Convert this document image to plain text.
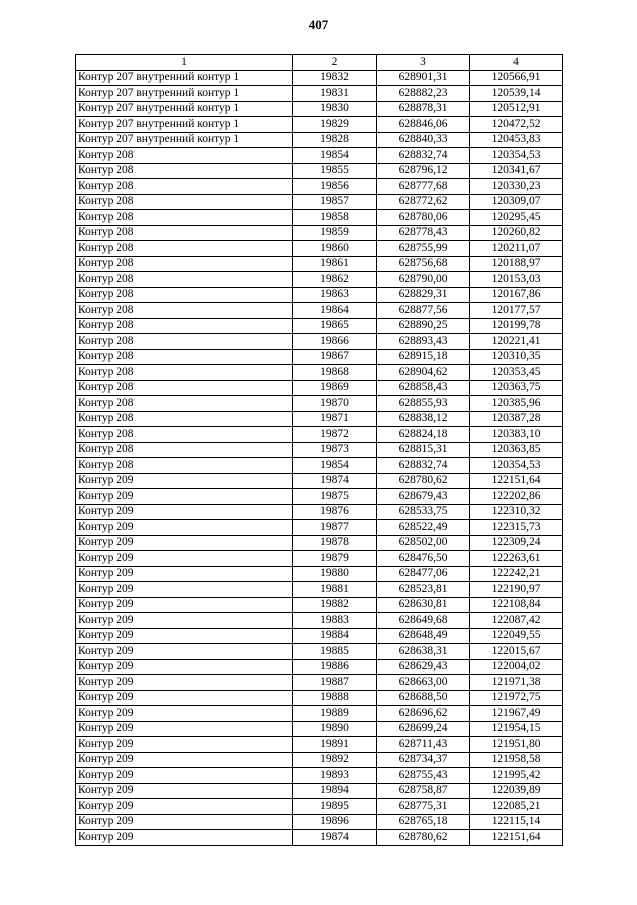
407
1	2	3	4
Контур 207 внутренний контур 1	19832	628901,31	120566,91
Контур 207 внутренний контур 1	19831	628882,23	120539,14
Контур 207 внутренний контур 1	19830	628878,31	120512,91
Контур 207 внутренний контур 1	19829	628846,06	120472,52
Контур 207 внутренний контур 1	19828	628840,33	120453,83
Контур 208	19854	628832,74	120354,53
Контур 208	19855	628796,12	120341,67
Контур 208	19856	628777,68	120330,23
Контур 208	19857	628772,62	120309,07
Контур 208	19858	628780,06	120295,45
Контур 208	19859	628778,43	120260,82
Контур 208	19860	628755,99	120211,07
Контур 208	19861	628756,68	120188,97
Контур 208	19862	628790,00	120153,03
Контур 208	19863	628829,31	120167,86
Контур 208	19864	628877,56	120177,57
Контур 208	19865	628890,25	120199,78
Контур 208	19866	628893,43	120221,41
Контур 208	19867	628915,18	120310,35
Контур 208	19868	628904,62	120353,45
Контур 208	19869	628858,43	120363,75
Контур 208	19870	628855,93	120385,96
Контур 208	19871	628838,12	120387,28
Контур 208	19872	628824,18	120383,10
Контур 208	19873	628815,31	120363,85
Контур 208	19854	628832,74	120354,53
Контур 209	19874	628780,62	122151,64
Контур 209	19875	628679,43	122202,86
Контур 209	19876	628533,75	122310,32
Контур 209	19877	628522,49	122315,73
Контур 209	19878	628502,00	122309,24
Контур 209	19879	628476,50	122263,61
Контур 209	19880	628477,06	122242,21
Контур 209	19881	628523,81	122190,97
Контур 209	19882	628630,81	122108,84
Контур 209	19883	628649,68	122087,42
Контур 209	19884	628648,49	122049,55
Контур 209	19885	628638,31	122015,67
Контур 209	19886	628629,43	122004,02
Контур 209	19887	628663,00	121971,38
Контур 209	19888	628688,50	121972,75
Контур 209	19889	628696,62	121967,49
Контур 209	19890	628699,24	121954,15
Контур 209	19891	628711,43	121951,80
Контур 209	19892	628734,37	121958,58
Контур 209	19893	628755,43	121995,42
Контур 209	19894	628758,87	122039,89
Контур 209	19895	628775,31	122085,21
Контур 209	19896	628765,18	122115,14
Контур 209	19874	628780,62	122151,64
